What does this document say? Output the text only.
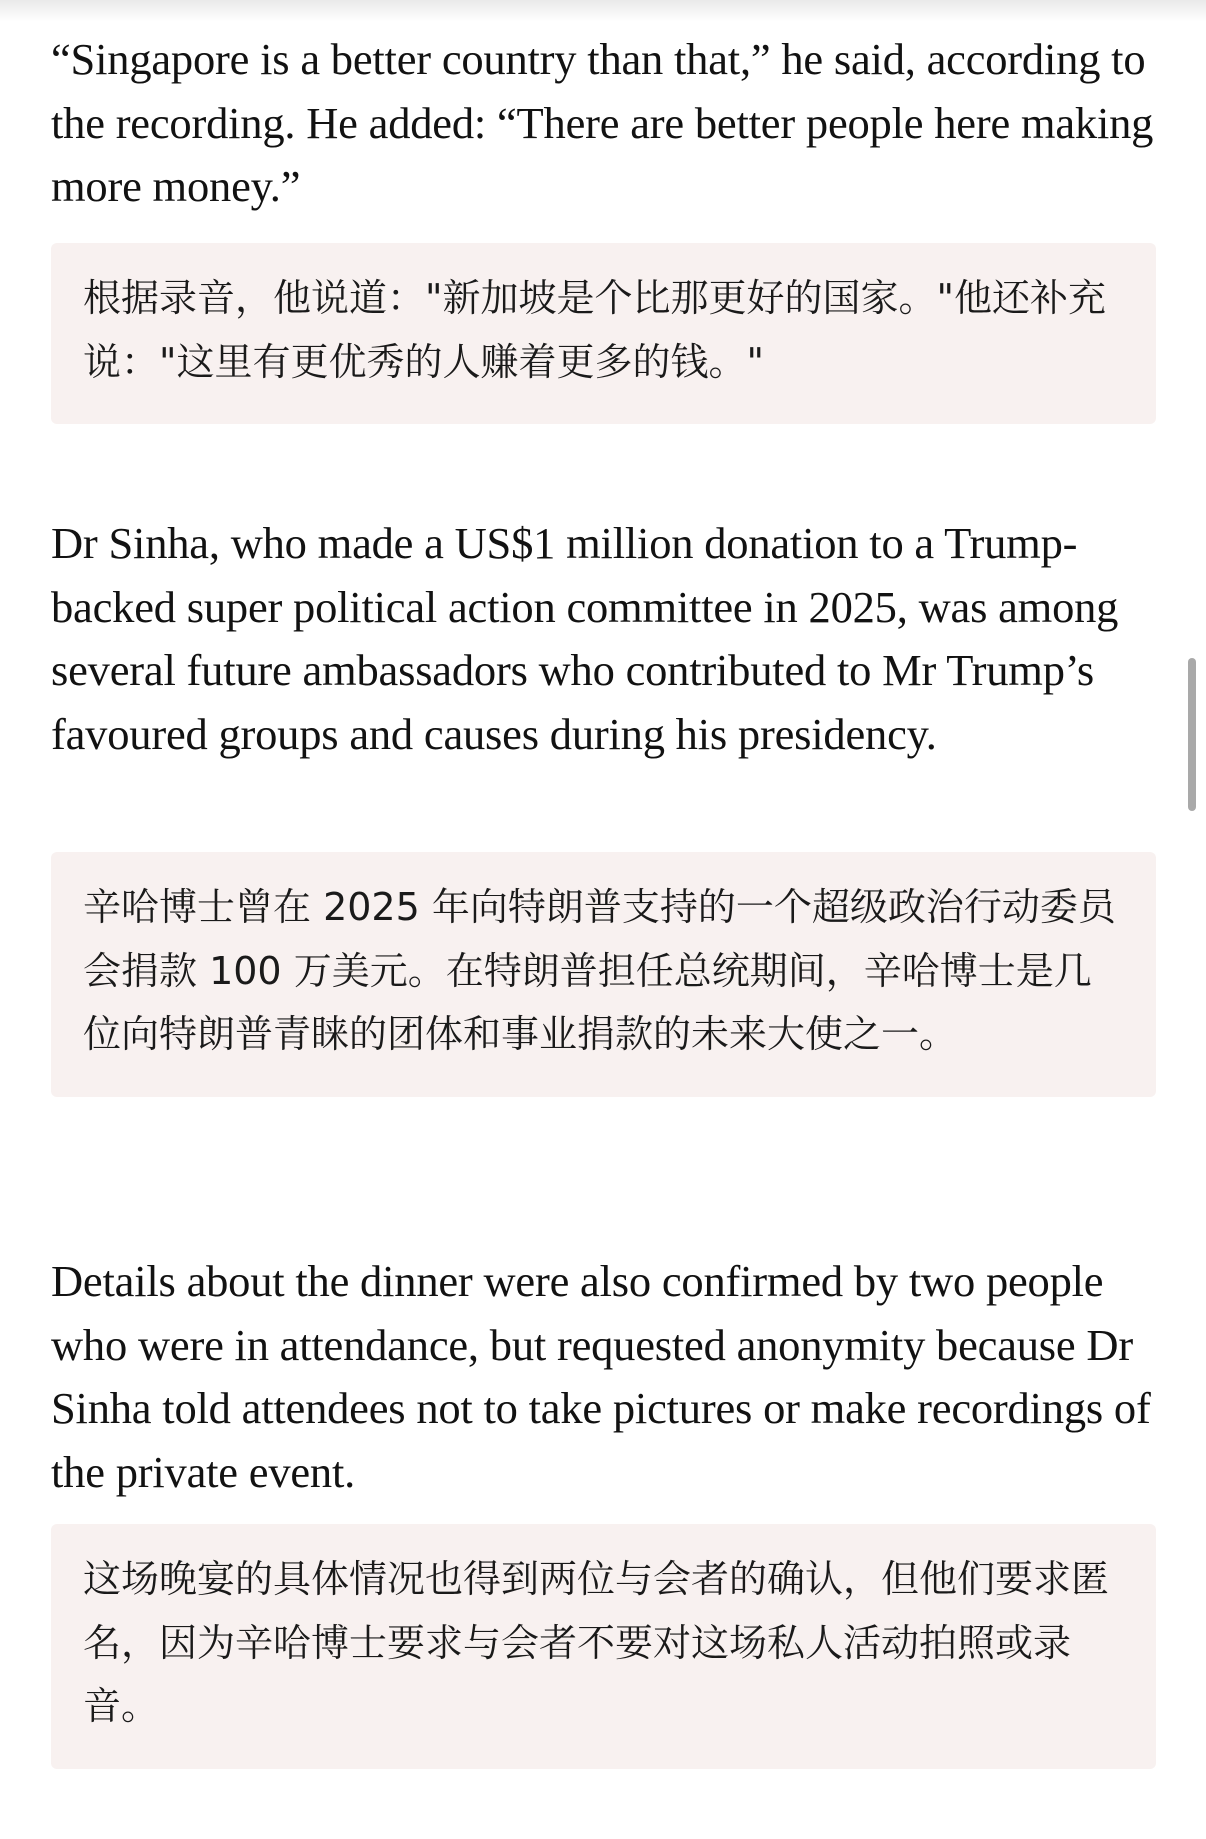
“Singapore is a better country than that,” he said, according to the recording. He added: “There are better people here making more money.”

根据录音，他说道："新加坡是个比那更好的国家。"他还补充说："这里有更优秀的人赚着更多的钱。"

Dr Sinha, who made a US$1 million donation to a Trump-backed super political action committee in 2025, was among several future ambassadors who contributed to Mr Trump’s favoured groups and causes during his presidency.

辛哈博士曾在 2025 年向特朗普支持的一个超级政治行动委员会捐款 100 万美元。在特朗普担任总统期间，辛哈博士是几位向特朗普青睐的团体和事业捐款的未来大使之一。

Details about the dinner were also confirmed by two people who were in attendance, but requested anonymity because Dr Sinha told attendees not to take pictures or make recordings of the private event.

这场晚宴的具体情况也得到两位与会者的确认，但他们要求匿名，因为辛哈博士要求与会者不要对这场私人活动拍照或录音。
